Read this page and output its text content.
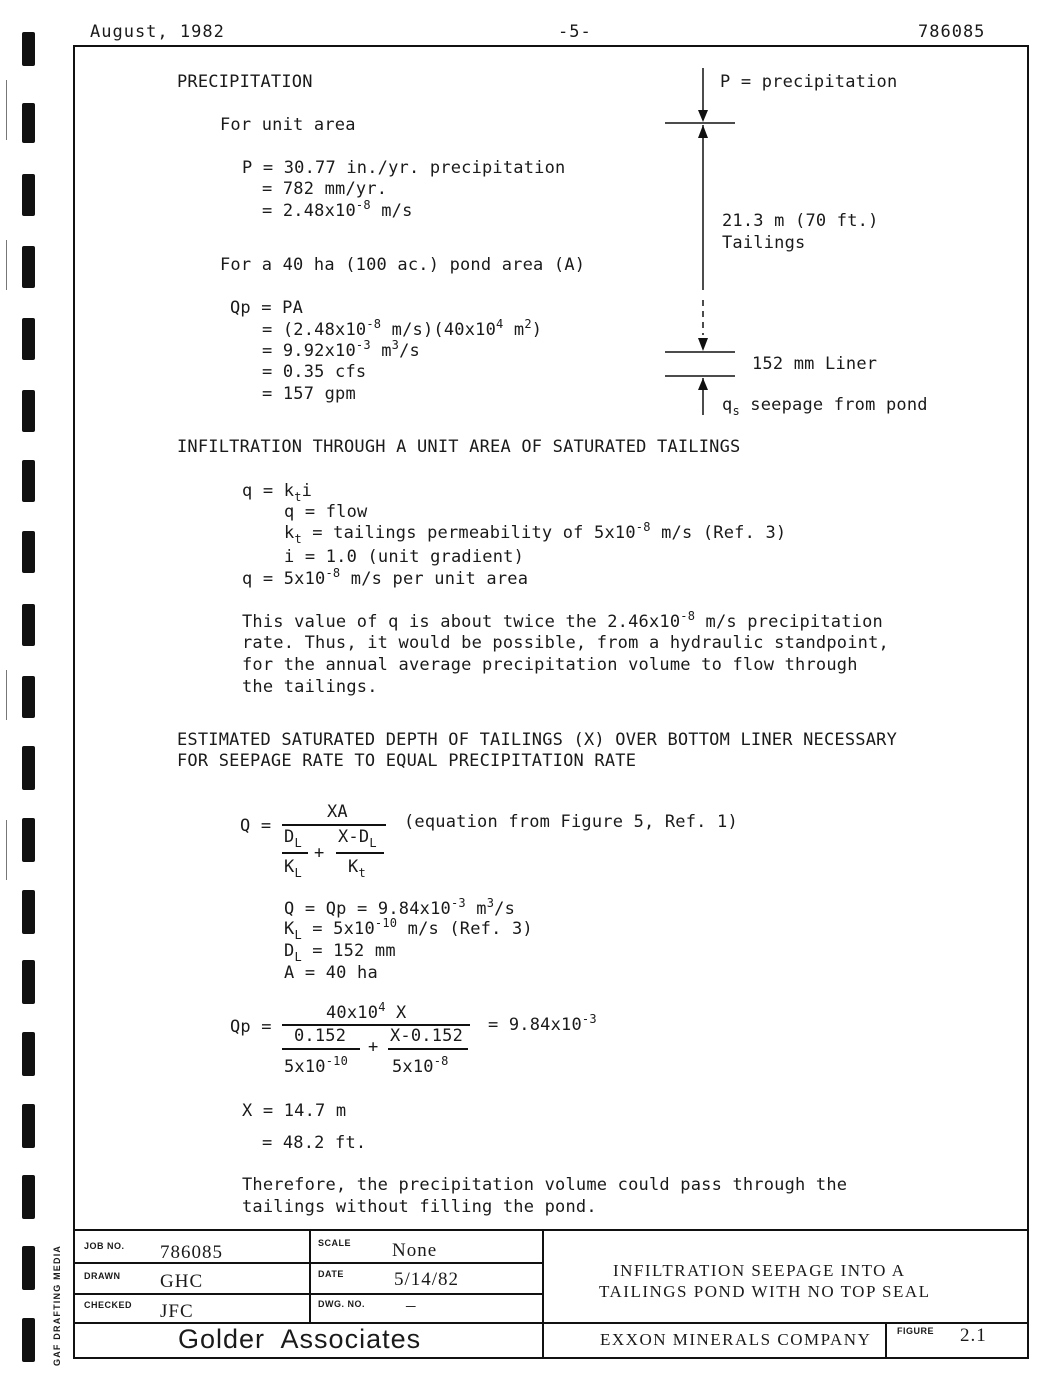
August, 1982	-5-	786085
PRECIPITATION
For unit area
P = 30.77 in./yr. precipitation
= 782 mm/yr.
= $2.48x10^{-8}$ m/s
For a 40 ha (100 ac.) pond area (A)
Qp = PA
= ($2.48x10^{-8}$ $m/s)(40x10^4$ $m^2$)
= $9.92x10^{-3}$ $m^3/s$
= 0.35 cfs
= 157 gpm
P = precipitation
21.3 m (70 ft.)
Tailings
152 mm Liner
$q_s$ seepage from pond
INFILTRATION THROUGH A UNIT AREA OF SATURATED TAILINGS
$q = k_ti$
q = flow
$k_t$ = tailings permeability of $5x10^{-8}$ m/s (Ref. 3)
i = 1.0 (unit gradient)
$q = 5x10^{-8}$ m/s per unit area
This value of q is about twice the $2.46x10^{-8}$ m/s precipitation
rate. Thus, it would be possible, from a hydraulic standpoint,
for the annual average precipitation volume to flow through
the tailings.
ESTIMATED SATURATED DEPTH OF TAILINGS (X) OVER BOTTOM LINER NECESSARY
FOR SEEPAGE RATE TO EQUAL PRECIPITATION RATE
Q =
XA
$D_L$
$K_L$
+
$X-D_L$
$K_t$
(equation from Figure 5, Ref. 1)
$Q = Qp = 9.84x10^{-3}$ $m^3/s$
$K_L = 5x10^{-10}$ m/s (Ref. 3)
$D_L = 152$ mm
A = 40 ha
Qp =
$40x10^4$ X
0.152
$5x10^{-10}$
+
X-0.152
$5x10^{-8}$
= $9.84x10^{-3}$
X = 14.7 m
= 48.2 ft.
Therefore, the precipitation volume could pass through the
tailings without filling the pond.
JOB NO. 786085	SCALE None
DRAWN GHC	DATE	5/14/82
CHECKED JFC	DWG. NO. –
INFILTRATION SEEPAGE INTO A
TAILINGS POND WITH NO TOP SEAL
Golder  Associates	EXXON MINERALS COMPANY	FIGURE 2.1
GAF DRAFTING MEDIA
